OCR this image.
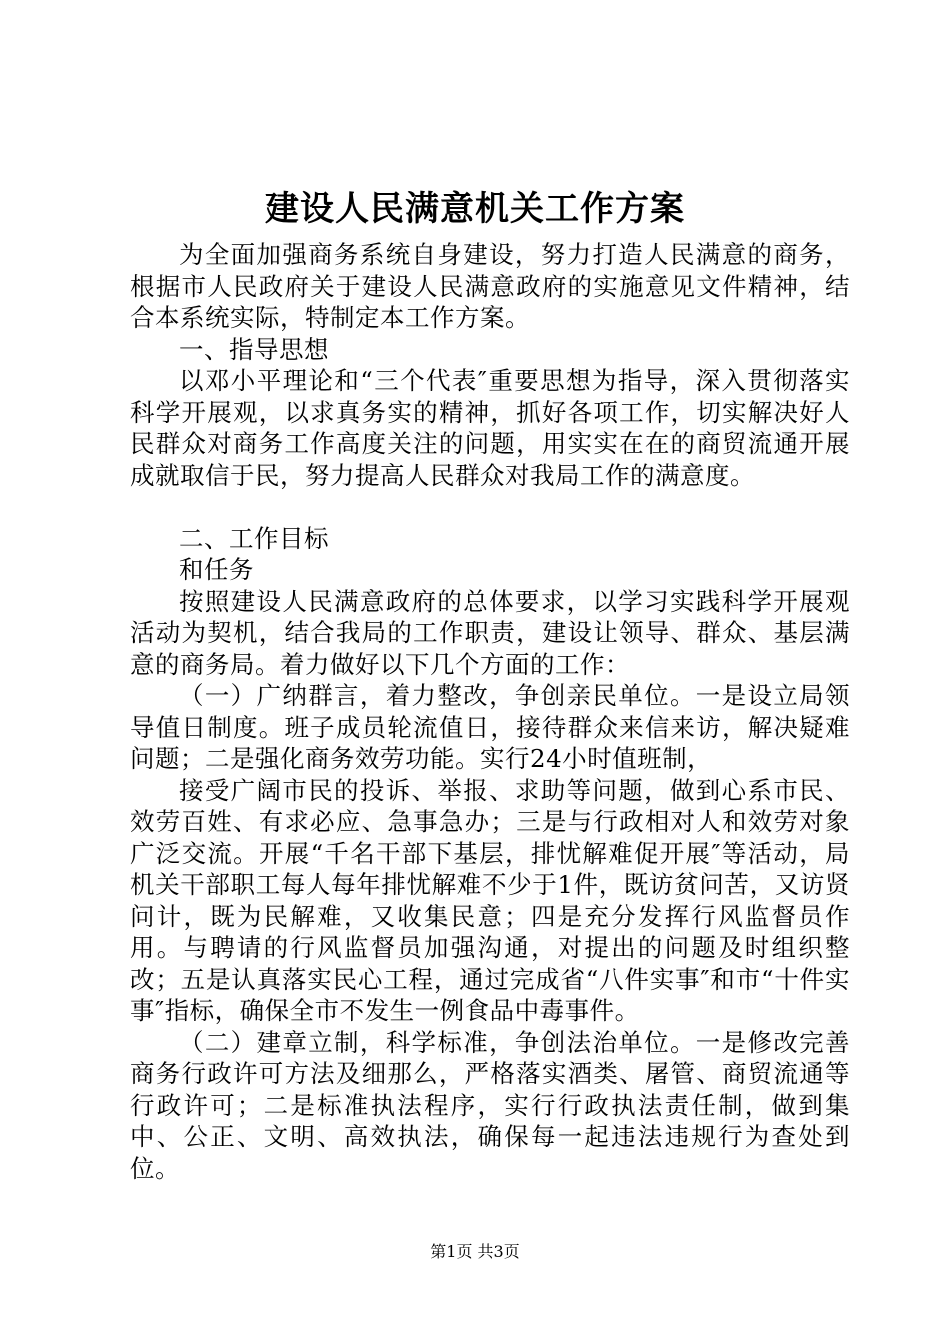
建设人民满意机关工作方案

为全面加强商务系统自身建设，努力打造人民满意的商务，根据市人民政府关于建设人民满意政府的实施意见文件精神，结合本系统实际，特制定本工作方案。

一、指导思想

以邓小平理论和“三个代表″重要思想为指导，深入贯彻落实科学开展观，以求真务实的精神，抓好各项工作，切实解决好人民群众对商务工作高度关注的问题，用实实在在的商贸流通开展成就取信于民，努力提高人民群众对我局工作的满意度。

二、工作目标

和任务

按照建设人民满意政府的总体要求，以学习实践科学开展观活动为契机，结合我局的工作职责，建设让领导、群众、基层满意的商务局。着力做好以下几个方面的工作：

（一）广纳群言，着力整改，争创亲民单位。一是设立局领导值日制度。班子成员轮流值日，接待群众来信来访，解决疑难问题；二是强化商务效劳功能。实行24小时值班制，

接受广阔市民的投诉、举报、求助等问题，做到心系市民、效劳百姓、有求必应、急事急办；三是与行政相对人和效劳对象广泛交流。开展“千名干部下基层，排忧解难促开展″等活动，局机关干部职工每人每年排忧解难不少于1件，既访贫问苦，又访贤问计，既为民解难，又收集民意；四是充分发挥行风监督员作用。与聘请的行风监督员加强沟通，对提出的问题及时组织整改；五是认真落实民心工程，通过完成省“八件实事″和市“十件实事″指标，确保全市不发生一例食品中毒事件。

（二）建章立制，科学标准，争创法治单位。一是修改完善商务行政许可方法及细那么，严格落实酒类、屠管、商贸流通等行政许可；二是标准执法程序，实行行政执法责任制，做到集中、公正、文明、高效执法，确保每一起违法违规行为查处到位。

第1页 共3页
